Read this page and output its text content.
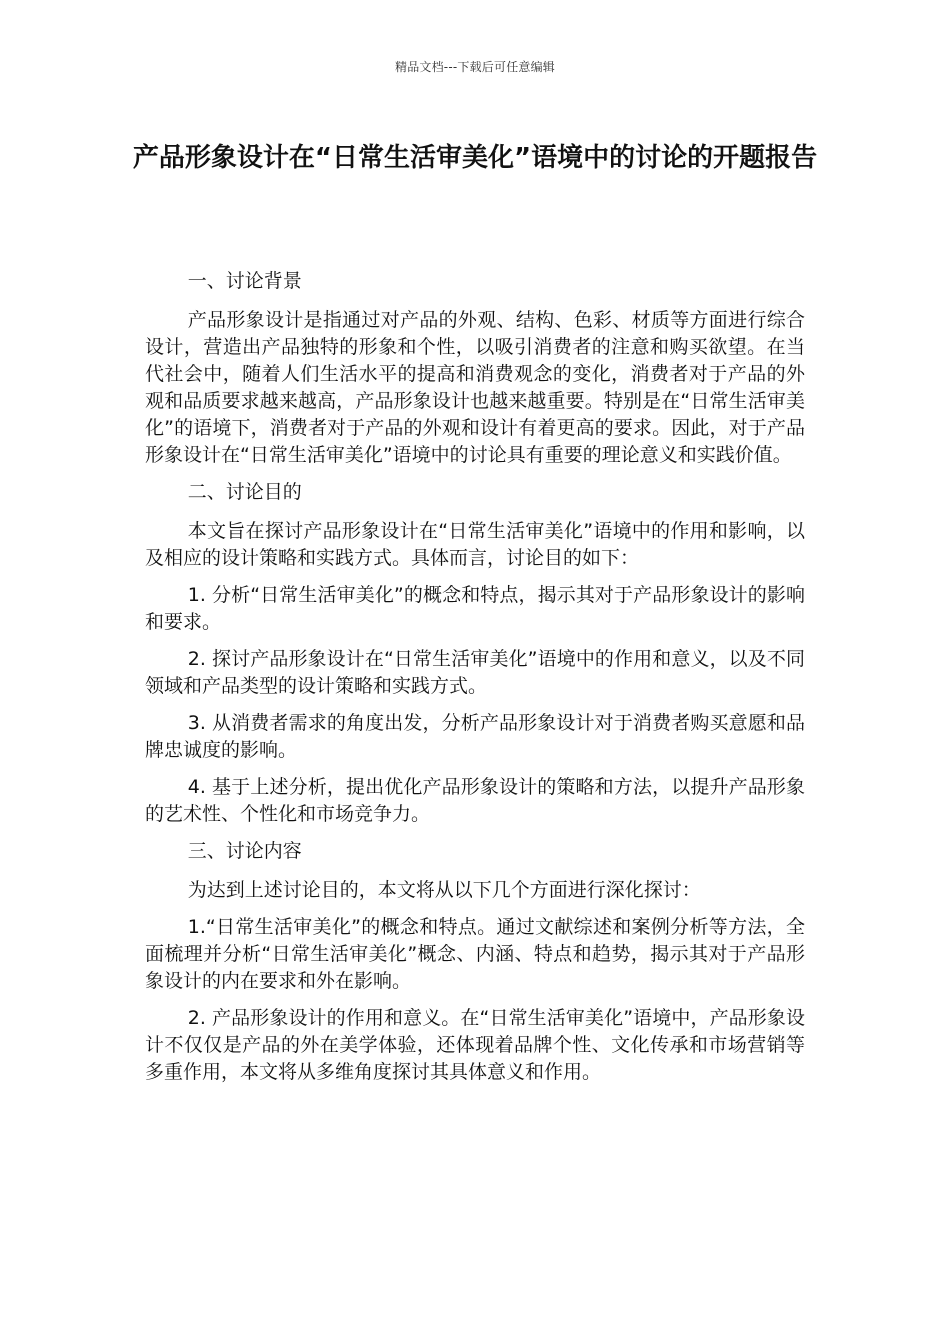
精品文档---下载后可任意编辑
产品形象设计在“日常生活审美化”语境中的讨论的开题报告

一、讨论背景

产品形象设计是指通过对产品的外观、结构、色彩、材质等方面进行综合设计，营造出产品独特的形象和个性，以吸引消费者的注意和购买欲望。在当代社会中，随着人们生活水平的提高和消费观念的变化，消费者对于产品的外观和品质要求越来越高，产品形象设计也越来越重要。特别是在“日常生活审美化”的语境下，消费者对于产品的外观和设计有着更高的要求。因此，对于产品形象设计在“日常生活审美化”语境中的讨论具有重要的理论意义和实践价值。

二、讨论目的

本文旨在探讨产品形象设计在“日常生活审美化”语境中的作用和影响，以及相应的设计策略和实践方式。具体而言，讨论目的如下：

1. 分析“日常生活审美化”的概念和特点，揭示其对于产品形象设计的影响和要求。

2. 探讨产品形象设计在“日常生活审美化”语境中的作用和意义，以及不同领域和产品类型的设计策略和实践方式。

3. 从消费者需求的角度出发，分析产品形象设计对于消费者购买意愿和品牌忠诚度的影响。

4. 基于上述分析，提出优化产品形象设计的策略和方法，以提升产品形象的艺术性、个性化和市场竞争力。

三、讨论内容

为达到上述讨论目的，本文将从以下几个方面进行深化探讨：

1.“日常生活审美化”的概念和特点。通过文献综述和案例分析等方法，全面梳理并分析“日常生活审美化”概念、内涵、特点和趋势，揭示其对于产品形象设计的内在要求和外在影响。

2. 产品形象设计的作用和意义。在“日常生活审美化”语境中，产品形象设计不仅仅是产品的外在美学体验，还体现着品牌个性、文化传承和市场营销等多重作用，本文将从多维角度探讨其具体意义和作用。
